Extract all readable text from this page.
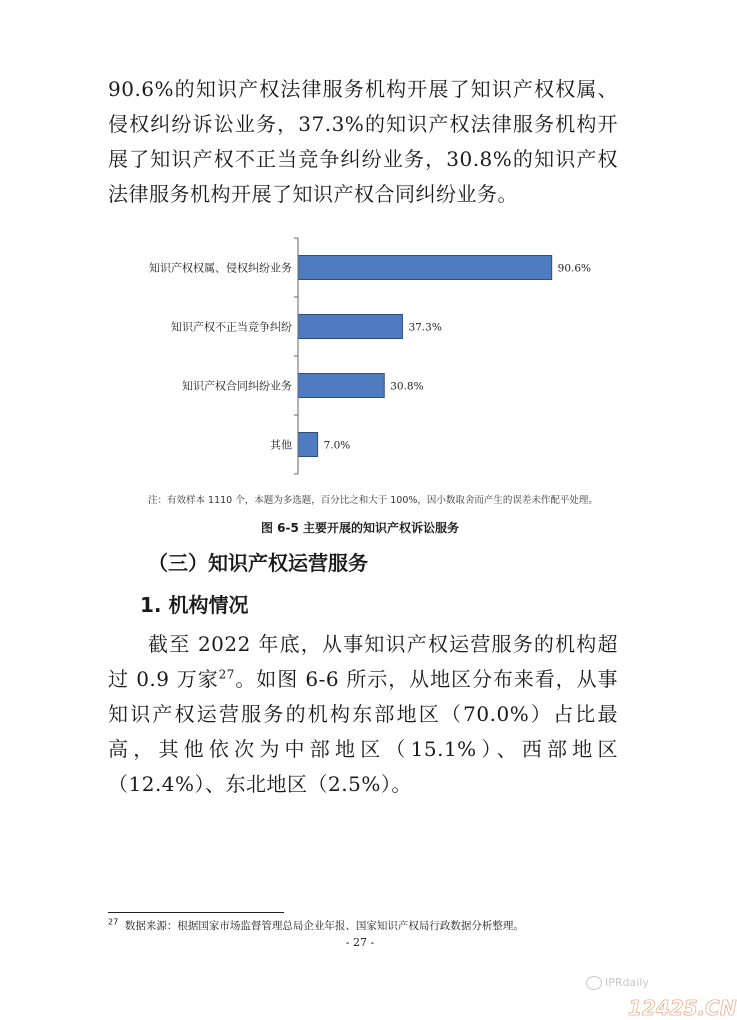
90.6%的知识产权法律服务机构开展了知识产权权属、侵权纠纷诉讼业务，37.3%的知识产权法律服务机构开展了知识产权不正当竞争纠纷业务，30.8%的知识产权法律服务机构开展了知识产权合同纠纷业务。

知识产权权属、侵权纠纷业务	90.6%
知识产权不正当竞争纠纷	37.3%
知识产权合同纠纷业务	30.8%
其他	7.0%
注：有效样本 1110 个，本题为多选题，百分比之和大于 100%，因小数取舍而产生的误差未作配平处理。
图 6-5 主要开展的知识产权诉讼服务
（三）知识产权运营服务
1. 机构情况

截至 2022 年底，从事知识产权运营服务的机构超过 0.9 万家$^{27}$。如图 6-6 所示，从地区分布来看，从事知识产权运营服务的机构东部地区（70.0%）占比最高，其他依次为中部地区（15.1%）、西部地区（12.4%）、东北地区（2.5%）。

$^{27}$ 数据来源：根据国家市场监督管理总局企业年报、国家知识产权局行政数据分析整理。
- 27 -
IPRdaily
12425.CN
